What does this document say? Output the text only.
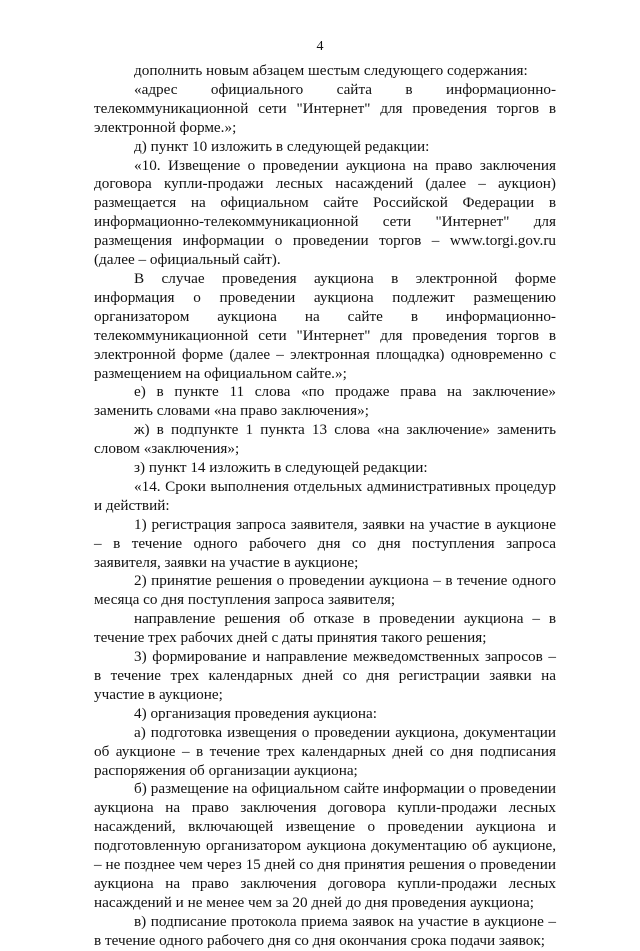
4

дополнить новым абзацем шестым следующего содержания:

«адрес официального сайта в информационно-телекоммуникационной сети "Интернет" для проведения торгов в электронной форме.»;

д) пункт 10 изложить в следующей редакции:

«10. Извещение о проведении аукциона на право заключения договора купли-продажи лесных насаждений (далее – аукцион) размещается на официальном сайте Российской Федерации в информационно-телекоммуникационной сети "Интернет" для размещения информации о проведении торгов – www.torgi.gov.ru (далее – официальный сайт).

В случае проведения аукциона в электронной форме информация о проведении аукциона подлежит размещению организатором аукциона на сайте в информационно-телекоммуникационной сети "Интернет" для проведения торгов в электронной форме (далее – электронная площадка) одновременно с размещением на официальном сайте.»;

е) в пункте 11 слова «по продаже права на заключение» заменить словами «на право заключения»;

ж) в подпункте 1 пункта 13 слова «на заключение» заменить словом «заключения»;

з) пункт 14 изложить в следующей редакции:

«14. Сроки выполнения отдельных административных процедур и действий:

1) регистрация запроса заявителя, заявки на участие в аукционе – в течение одного рабочего дня со дня поступления запроса заявителя, заявки на участие в аукционе;

2) принятие решения о проведении аукциона – в течение одного месяца со дня поступления запроса заявителя;

направление решения об отказе в проведении аукциона – в течение трех рабочих дней с даты принятия такого решения;

3) формирование и направление межведомственных запросов – в течение трех календарных дней со дня регистрации заявки на участие в аукционе;

4) организация проведения аукциона:

а) подготовка извещения о проведении аукциона, документации об аукционе – в течение трех календарных дней со дня подписания распоряжения об организации аукциона;

б) размещение на официальном сайте информации о проведении аукциона на право заключения договора купли-продажи лесных насаждений, включающей извещение о проведении аукциона и подготовленную организатором аукциона документацию об аукционе, – не позднее чем через 15 дней со дня принятия решения о проведении аукциона на право заключения договора купли-продажи лесных насаждений и не менее чем за 20 дней до дня проведения аукциона;

в) подписание протокола приема заявок на участие в аукционе – в течение одного рабочего дня со дня окончания срока подачи заявок;
